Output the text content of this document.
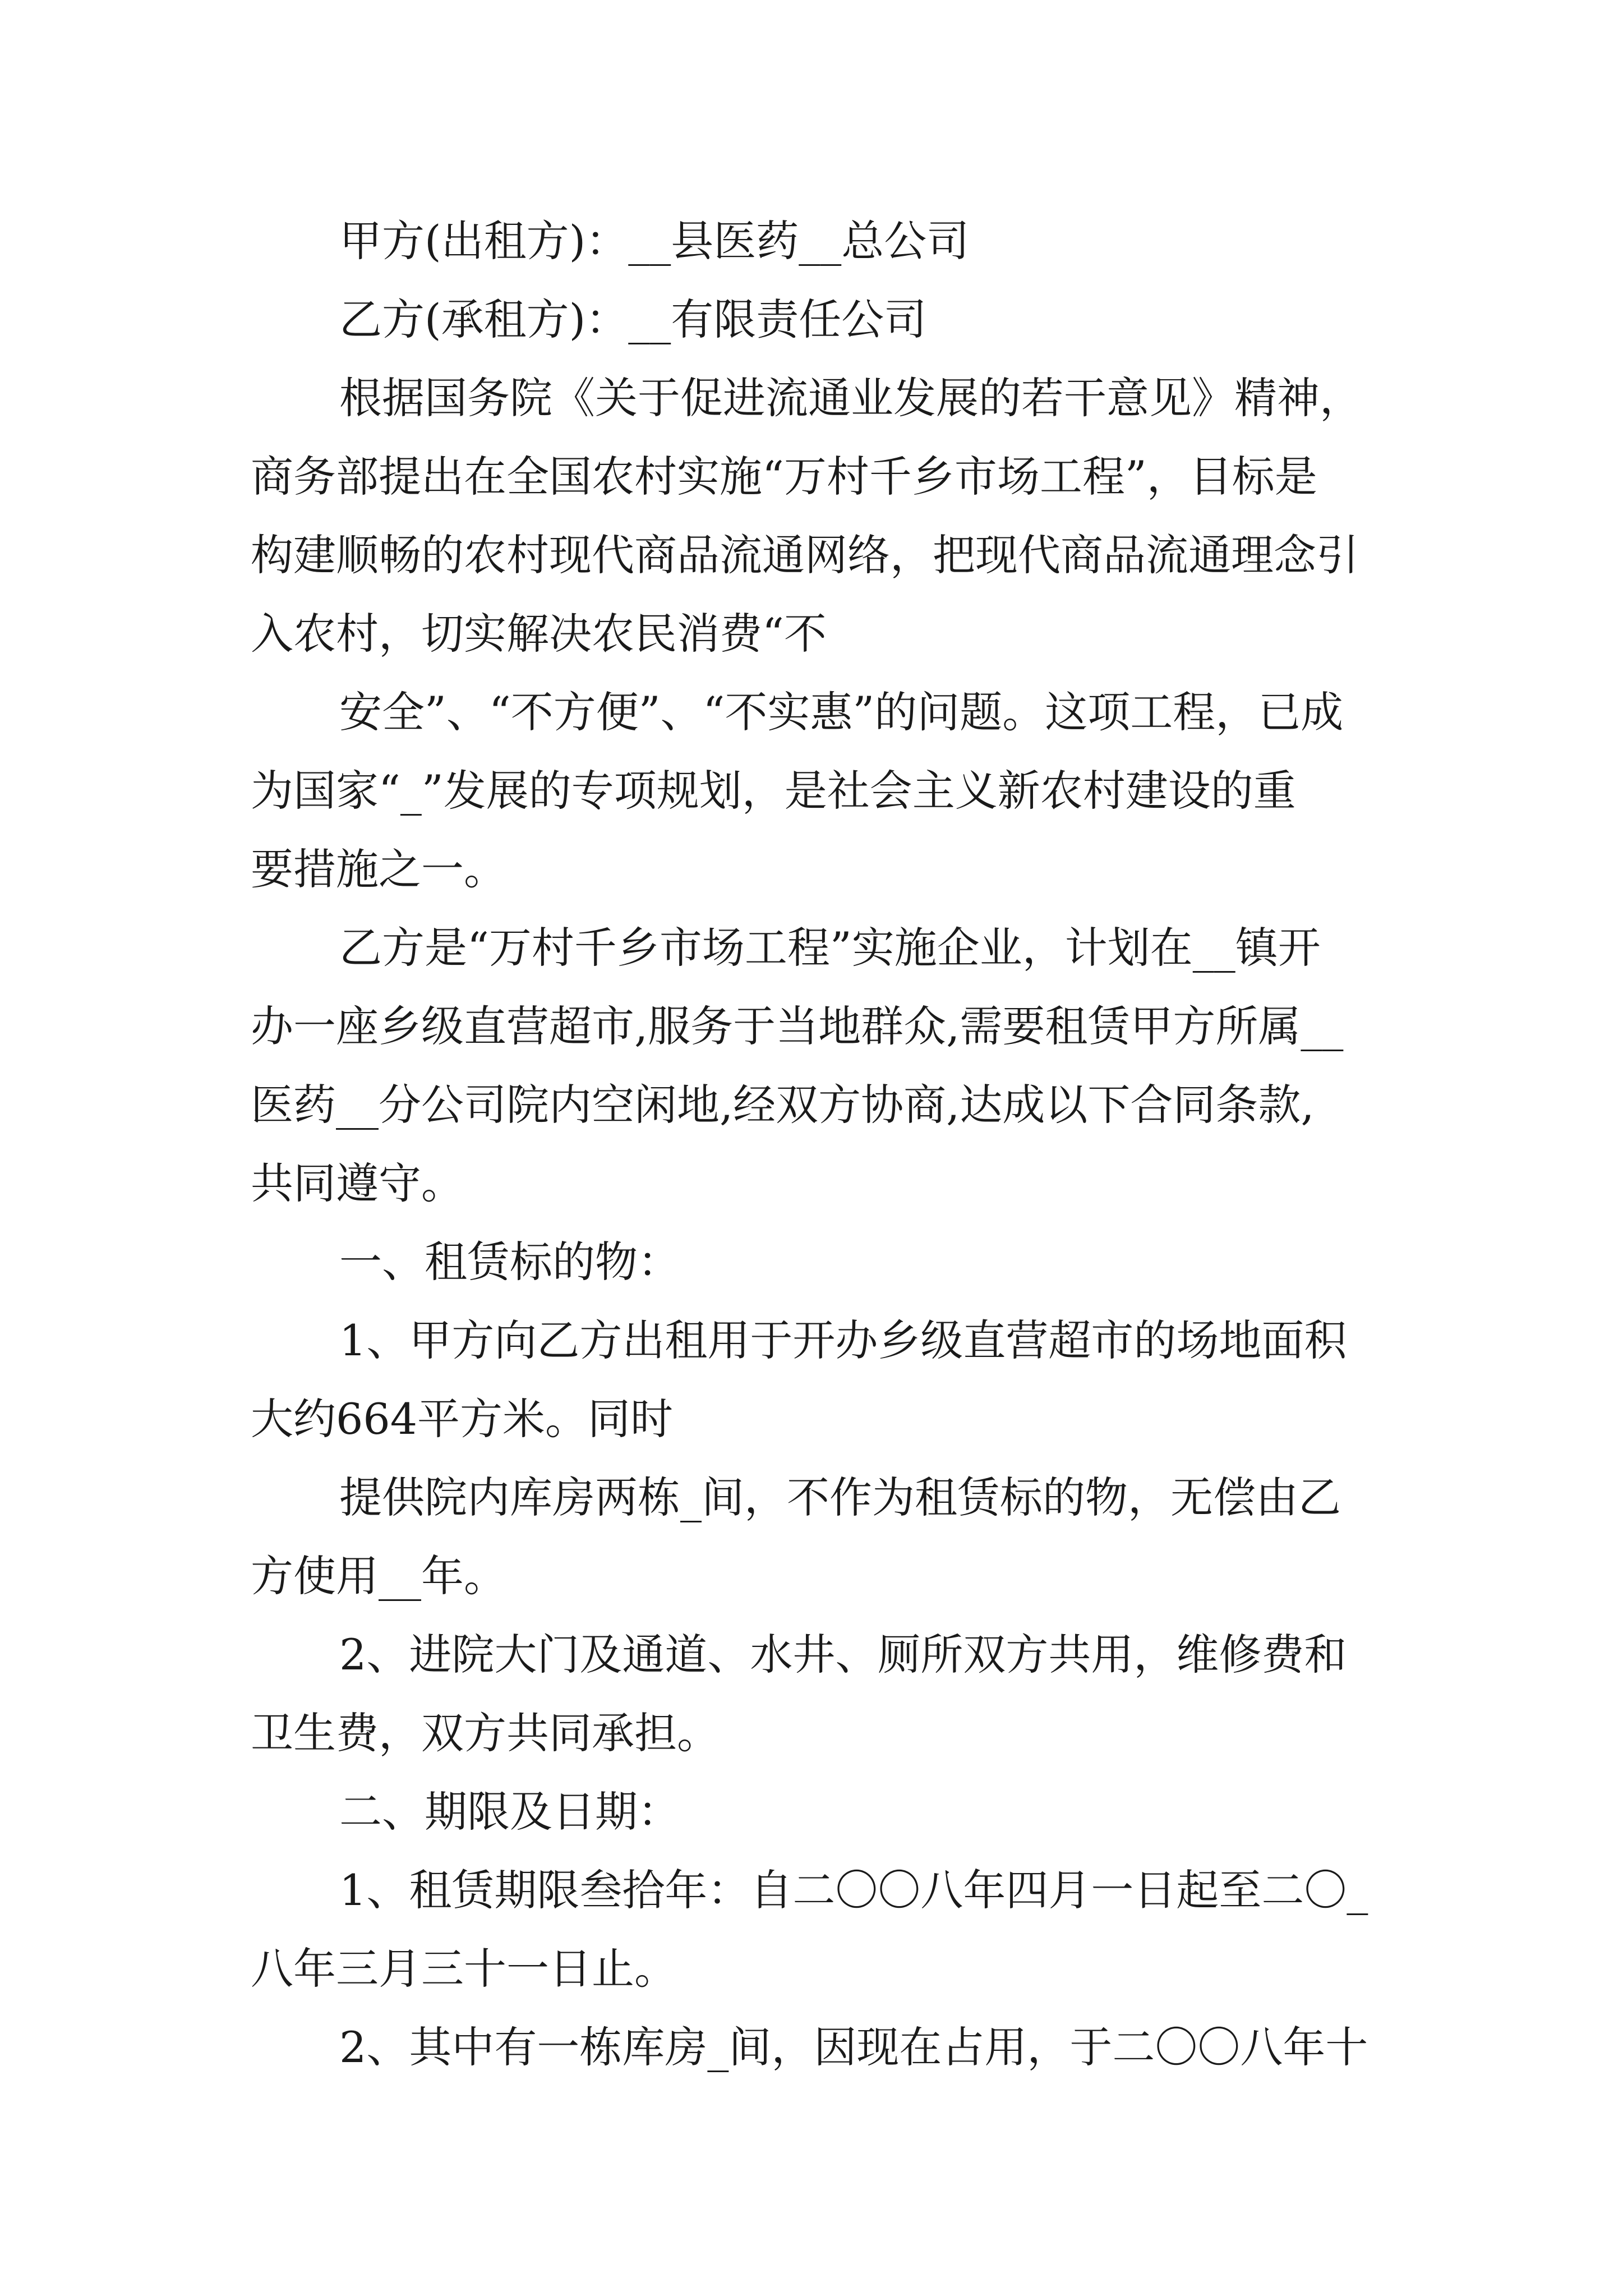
甲方(出租方)：__县医药__总公司
乙方(承租方)：__有限责任公司
根据国务院《关于促进流通业发展的若干意见》精神，
商务部提出在全国农村实施“万村千乡市场工程”，目标是
构建顺畅的农村现代商品流通网络，把现代商品流通理念引
入农村，切实解决农民消费“不
安全”、“不方便”、“不实惠”的问题。这项工程，已成
为国家“_”发展的专项规划，是社会主义新农村建设的重
要措施之一。
乙方是“万村千乡市场工程”实施企业，计划在__镇开
办一座乡级直营超市,服务于当地群众,需要租赁甲方所属__
医药__分公司院内空闲地,经双方协商,达成以下合同条款,
共同遵守。
一、租赁标的物：
1、甲方向乙方出租用于开办乡级直营超市的场地面积
大约664平方米。同时
提供院内库房两栋_间，不作为租赁标的物，无偿由乙
方使用__年。
2、进院大门及通道、水井、厕所双方共用，维修费和
卫生费，双方共同承担。
二、期限及日期：
1、租赁期限叁拾年：自二〇〇八年四月一日起至二〇_
八年三月三十一日止。
2、其中有一栋库房_间，因现在占用，于二〇〇八年十
